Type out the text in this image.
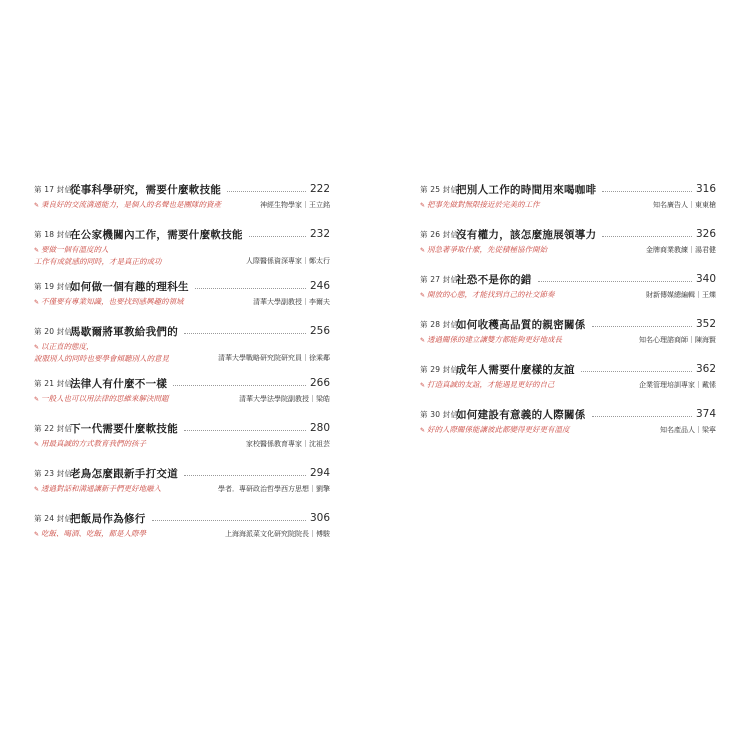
第 17 封信
從事科學研究，需要什麼軟技能	222
✎ 秉良好的交流溝通能力，是個人的名聲也是團隊的資產	神經生物學家｜王立銘
第 18 封信
在公家機關內工作，需要什麼軟技能	232
✎ 要做一個有溫度的人
工作有成就感的同時，才是真正的成功	人際醫係資深專家｜鄭太行
第 19 封信
如何做一個有趣的理科生	246
✎ 不僅要有專業知識，也要找到感興趣的領域	清華大學副教授｜李爾夫
第 20 封信
馬歇爾將軍教給我們的	256
✎ 以正直的態度，
說服別人的同時也要學會傾聽別人的意見	清華大學戰略研究院研究員｜徐乘鄰
第 21 封信
法律人有什麼不一樣	266
✎ 一般人也可以用法律的思維來解決問題	清華大學法學院副教授｜梁皓
第 22 封信
下一代需要什麼軟技能	280
✎ 用最真誠的方式教育我們的孩子	家校醫係教育專家｜沈祖芸
第 23 封信
老鳥怎麼跟新手打交道	294
✎ 透過對話和溝通讓新手們更好地融入	學者．專研政治哲學西方思想｜劉擎
第 24 封信
把飯局作為修行	306
✎ 吃飯、喝酒、吃飯，都是人際學	上海海派菜文化研究院院長｜傅駿
第 25 封信
把別人工作的時間用來喝咖啡	316
✎ 把事先做對無限接近於完美的工作	知名廣告人｜東東槍
第 26 封信
沒有權力，該怎麼施展領導力	326
✎ 別急著爭取什麼，先從積極協作開始	金牌商業教練｜湯君健
第 27 封信
社恐不是你的錯	340
✎ 開放的心態，才能找到自己的社交節奏	財新傳媒總編輯｜王爍
第 28 封信
如何收穫高品質的親密關係	352
✎ 透過關係的建立讓雙方都能夠更好地成長	知名心理諮商師｜陳海賢
第 29 封信
成年人需要什麼樣的友誼	362
✎ 打造真誠的友誼，才能遇見更好的自己	企業管理培訓專家｜戴愫
第 30 封信
如何建設有意義的人際關係	374
✎ 好的人際關係能讓彼此都變得更好更有溫度	知名產品人｜梁寧
